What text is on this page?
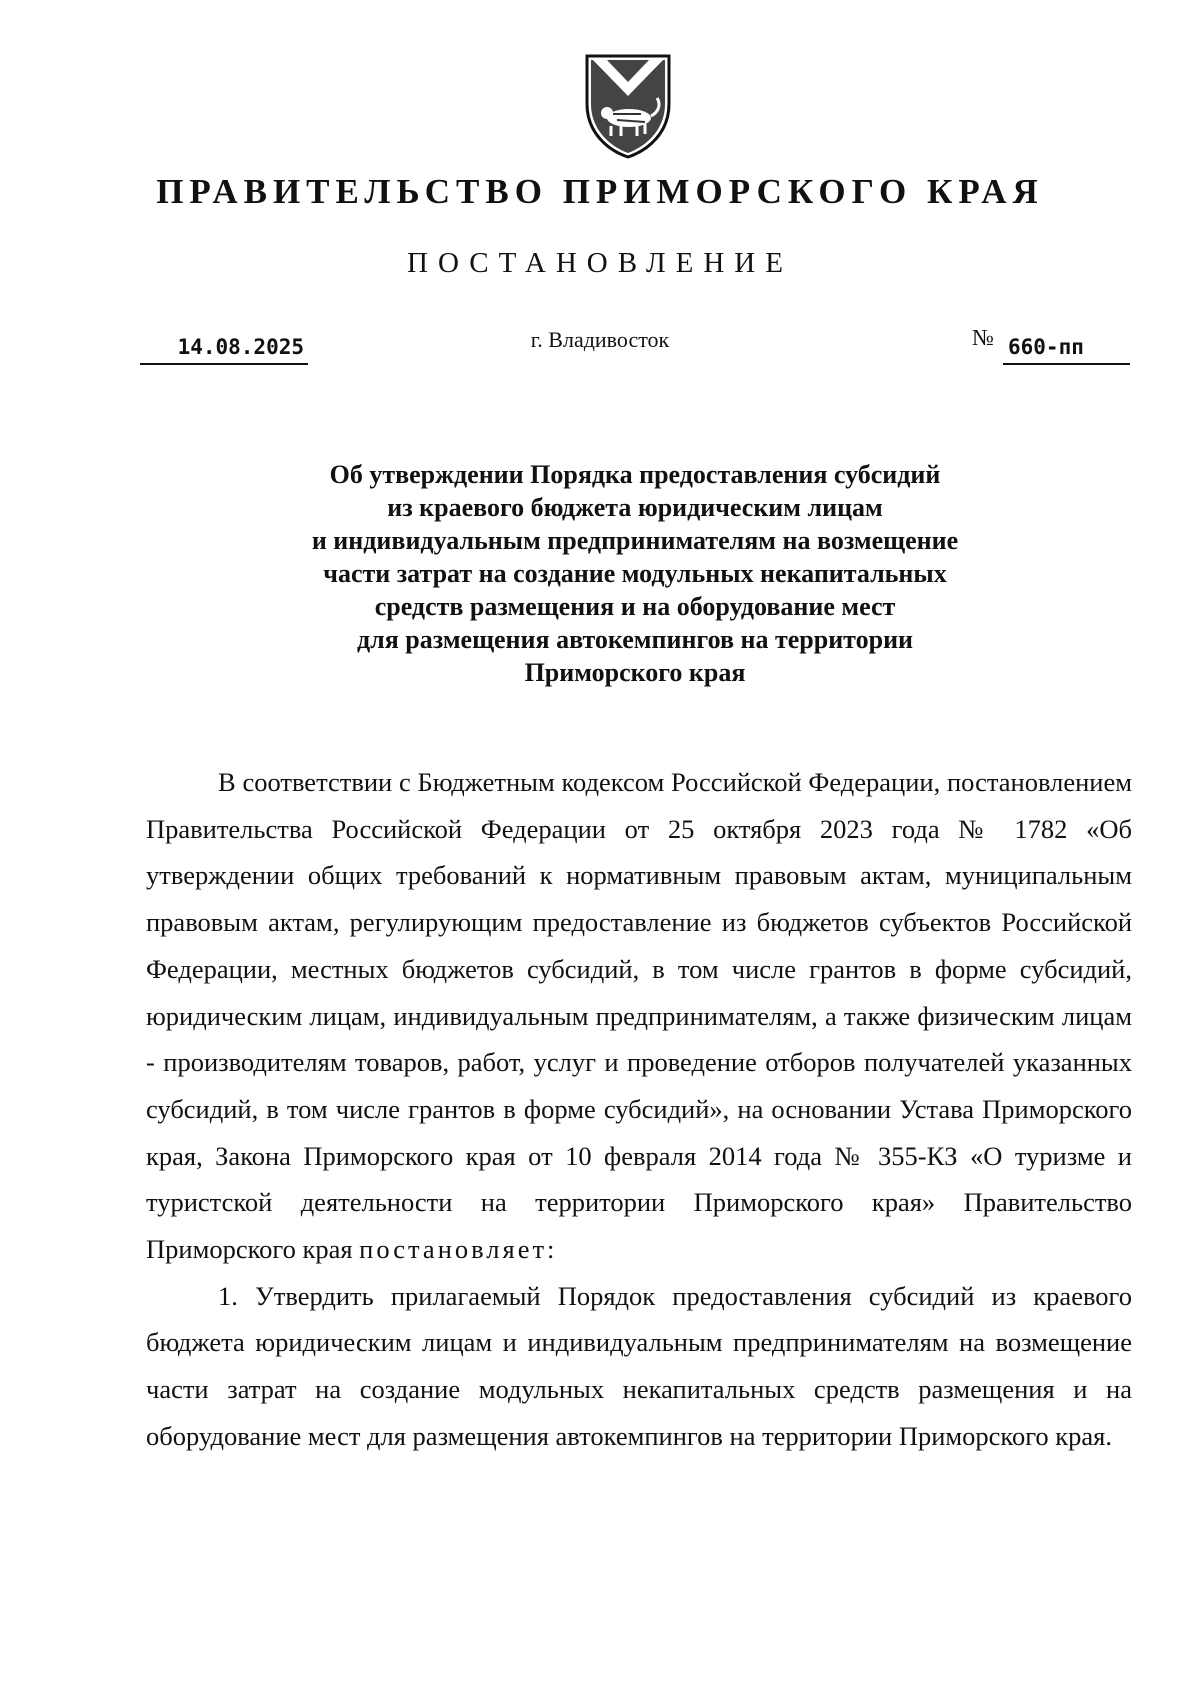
ПРАВИТЕЛЬСТВО ПРИМОРСКОГО КРАЯ
ПОСТАНОВЛЕНИЕ
14.08.2025	г. Владивосток	№ 660-пп
Об утверждении Порядка предоставления субсидий
из краевого бюджета юридическим лицам
и индивидуальным предпринимателям на возмещение
части затрат на создание модульных некапитальных
средств размещения и на оборудование мест
для размещения автокемпингов на территории
Приморского края

В соответствии с Бюджетным кодексом Российской Федерации, постановлением Правительства Российской Федерации от 25 октября 2023 года № 1782 «Об утверждении общих требований к нормативным правовым актам, муниципальным правовым актам, регулирующим предоставление из бюджетов субъектов Российской Федерации, местных бюджетов субсидий, в том числе грантов в форме субсидий, юридическим лицам, индивидуальным предпринимателям, а также физическим лицам - производителям товаров, работ, услуг и проведение отборов получателей указанных субсидий, в том числе грантов в форме субсидий», на основании Устава Приморского края, Закона Приморского края от 10 февраля 2014 года № 355-КЗ «О туризме и туристской деятельности на территории Приморского края» Правительство Приморского края постановляет:

1. Утвердить прилагаемый Порядок предоставления субсидий из краевого бюджета юридическим лицам и индивидуальным предпринимателям на возмещение части затрат на создание модульных некапитальных средств размещения и на оборудование мест для размещения автокемпингов на территории Приморского края.
